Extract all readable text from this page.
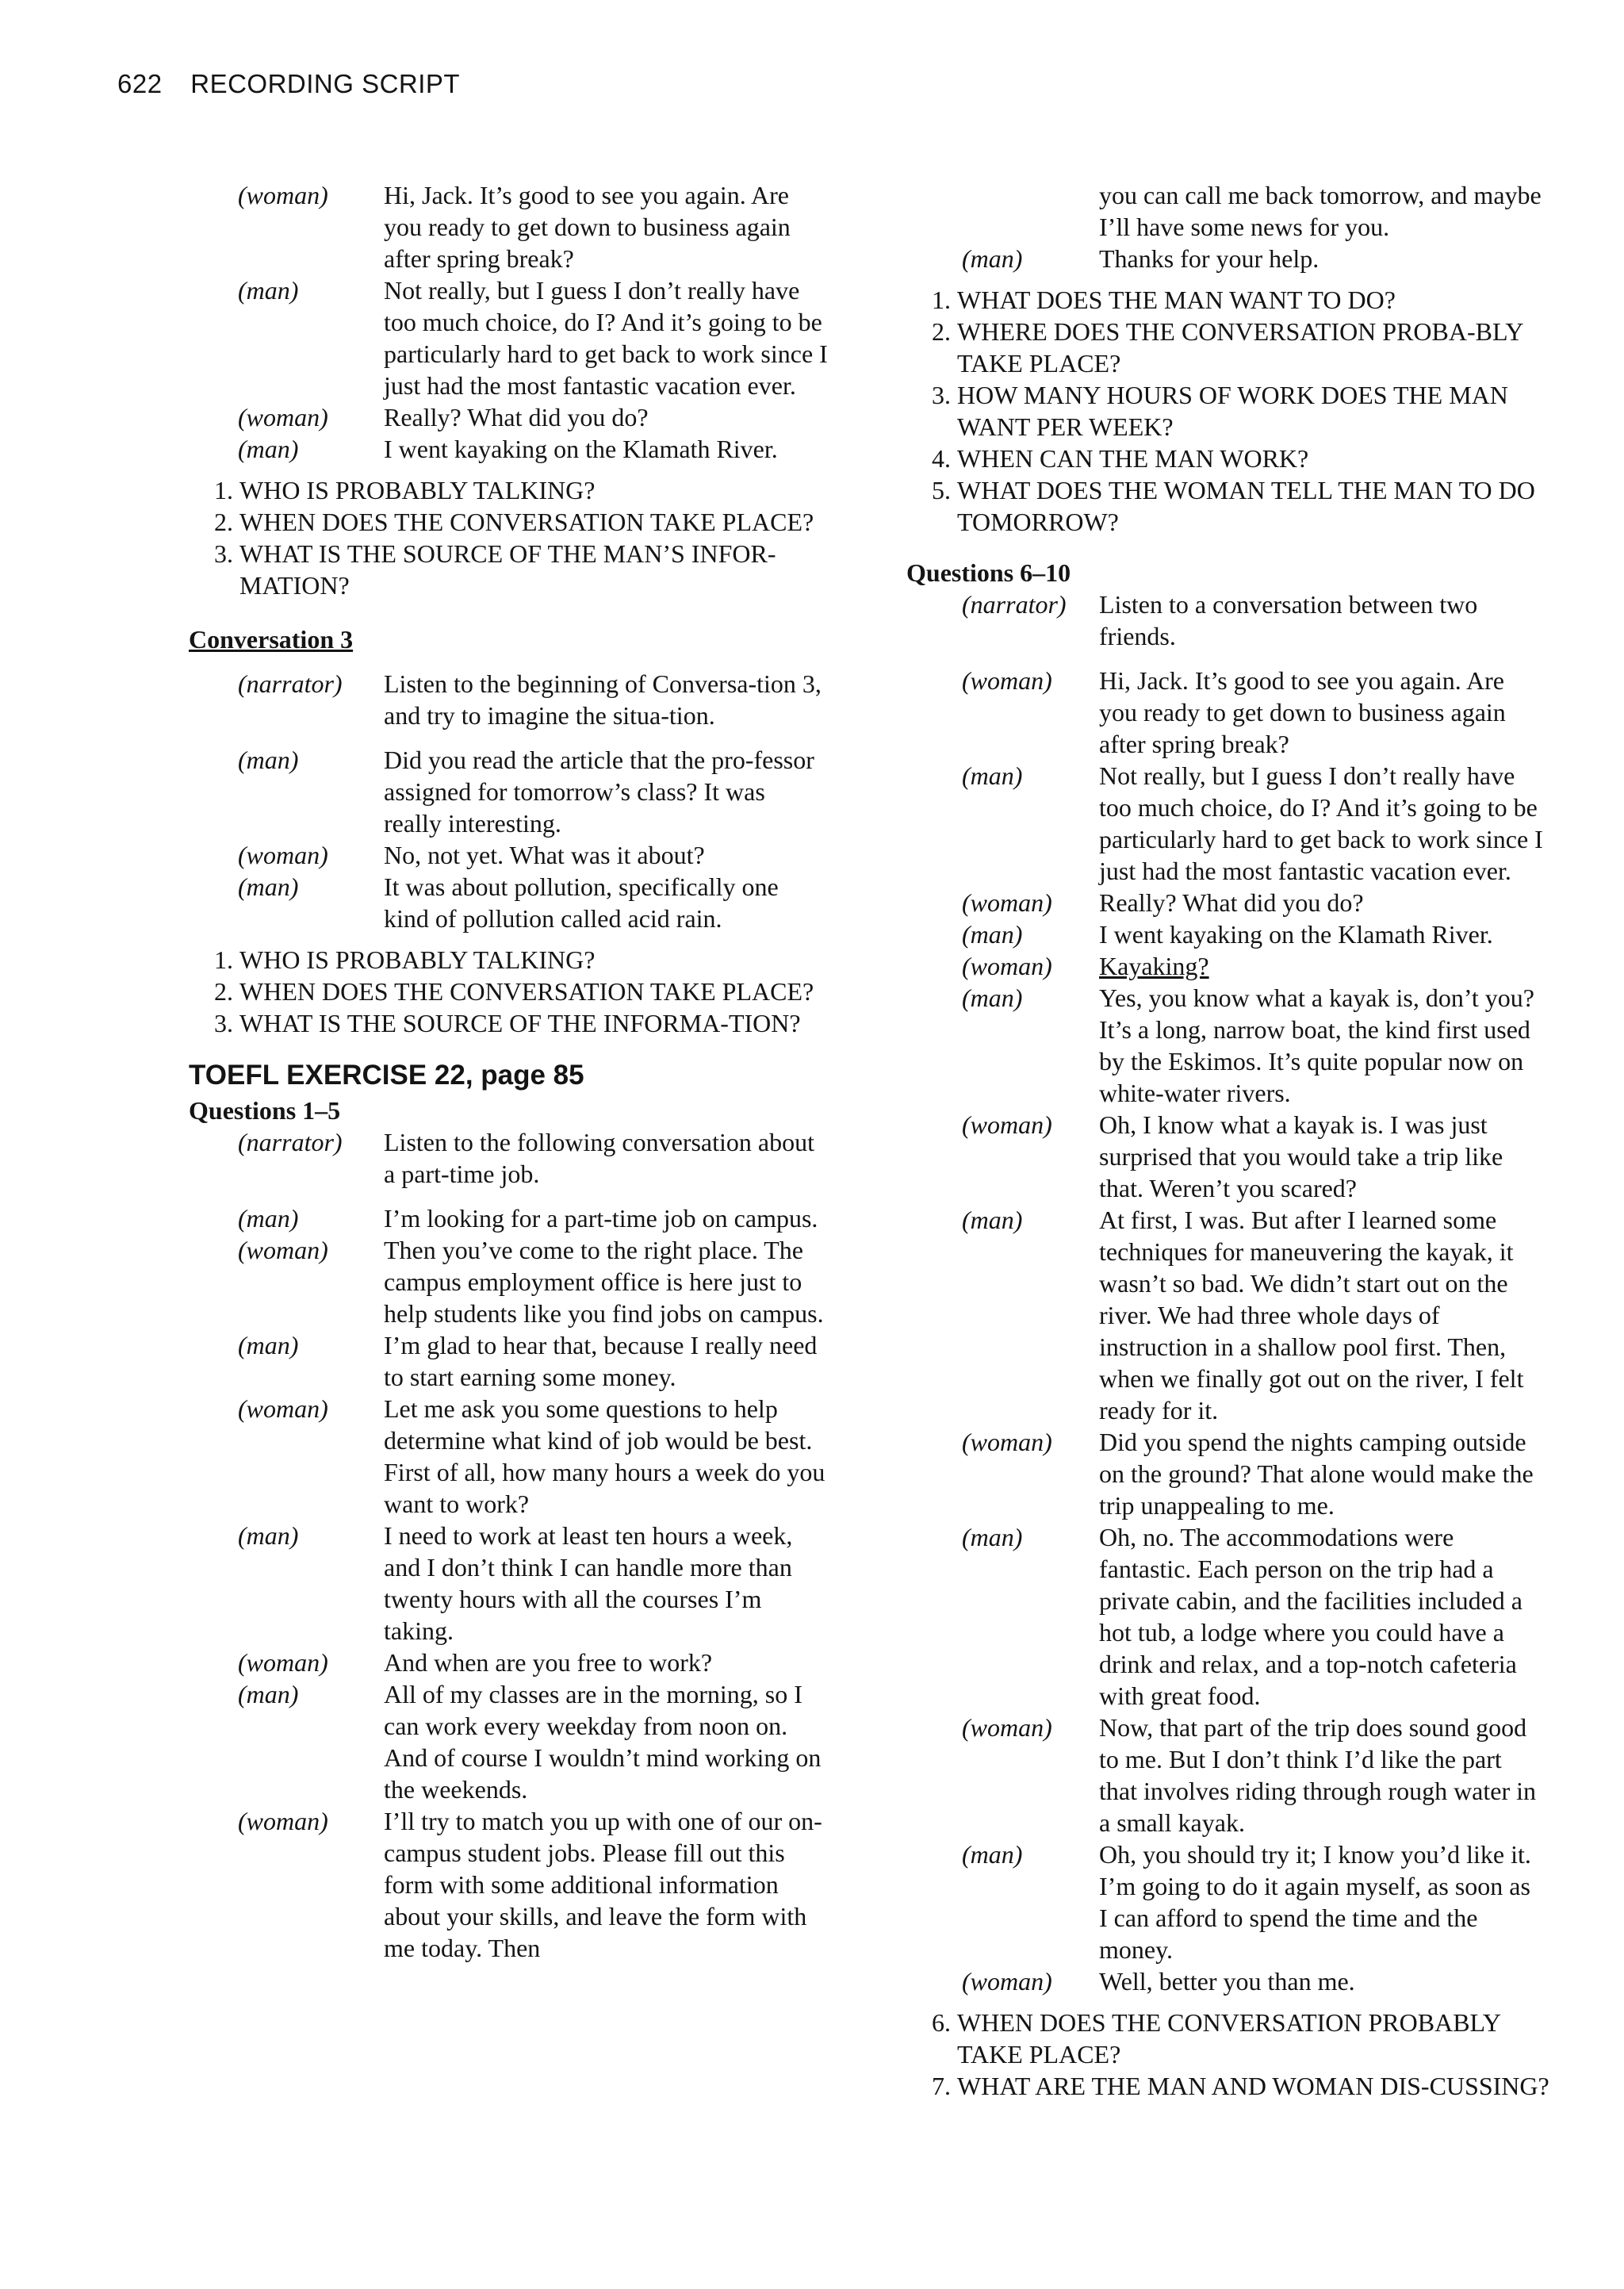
622 RECORDING SCRIPT
(woman)	Hi, Jack. It’s good to see you again. Are you ready to get down to business again after spring break?
(man)	Not really, but I guess I don’t really have too much choice, do I? And it’s going to be particularly hard to get back to work since I just had the most fantastic vacation ever.
(woman)	Really? What did you do?
(man)	I went kayaking on the Klamath River.
1. WHO IS PROBABLY TALKING?
2. WHEN DOES THE CONVERSATION TAKE PLACE?
3. WHAT IS THE SOURCE OF THE MAN’S INFOR-MATION?
Conversation 3
(narrator)	Listen to the beginning of Conversa-tion 3, and try to imagine the situa-tion.
(man)	Did you read the article that the pro-fessor assigned for tomorrow’s class? It was really interesting.
(woman)	No, not yet. What was it about?
(man)	It was about pollution, specifically one kind of pollution called acid rain.
1. WHO IS PROBABLY TALKING?
2. WHEN DOES THE CONVERSATION TAKE PLACE?
3. WHAT IS THE SOURCE OF THE INFORMA-TION?
TOEFL EXERCISE 22, page 85
Questions 1–5
(narrator)	Listen to the following conversation about a part-time job.
(man)	I’m looking for a part-time job on campus.
(woman)	Then you’ve come to the right place. The campus employment office is here just to help students like you find jobs on campus.
(man)	I’m glad to hear that, because I really need to start earning some money.
(woman)	Let me ask you some questions to help determine what kind of job would be best. First of all, how many hours a week do you want to work?
(man)	I need to work at least ten hours a week, and I don’t think I can handle more than twenty hours with all the courses I’m taking.
(woman)	And when are you free to work?
(man)	All of my classes are in the morning, so I can work every weekday from noon on. And of course I wouldn’t mind working on the weekends.
(woman)	I’ll try to match you up with one of our on-campus student jobs. Please fill out this form with some additional information about your skills, and leave the form with me today. Then
you can call me back tomorrow, and maybe I’ll have some news for you.
(man)	Thanks for your help.
1. WHAT DOES THE MAN WANT TO DO?
2. WHERE DOES THE CONVERSATION PROBA-BLY TAKE PLACE?
3. HOW MANY HOURS OF WORK DOES THE MAN WANT PER WEEK?
4. WHEN CAN THE MAN WORK?
5. WHAT DOES THE WOMAN TELL THE MAN TO DO TOMORROW?
Questions 6–10
(narrator)	Listen to a conversation between two friends.
(woman)	Hi, Jack. It’s good to see you again. Are you ready to get down to business again after spring break?
(man)	Not really, but I guess I don’t really have too much choice, do I? And it’s going to be particularly hard to get back to work since I just had the most fantastic vacation ever.
(woman)	Really? What did you do?
(man)	I went kayaking on the Klamath River.
(woman)	Kayaking?
(man)	Yes, you know what a kayak is, don’t you? It’s a long, narrow boat, the kind first used by the Eskimos. It’s quite popular now on white-water rivers.
(woman)	Oh, I know what a kayak is. I was just surprised that you would take a trip like that. Weren’t you scared?
(man)	At first, I was. But after I learned some techniques for maneuvering the kayak, it wasn’t so bad. We didn’t start out on the river. We had three whole days of instruction in a shallow pool first. Then, when we finally got out on the river, I felt ready for it.
(woman)	Did you spend the nights camping outside on the ground? That alone would make the trip unappealing to me.
(man)	Oh, no. The accommodations were fantastic. Each person on the trip had a private cabin, and the facilities included a hot tub, a lodge where you could have a drink and relax, and a top-notch cafeteria with great food.
(woman)	Now, that part of the trip does sound good to me. But I don’t think I’d like the part that involves riding through rough water in a small kayak.
(man)	Oh, you should try it; I know you’d like it. I’m going to do it again myself, as soon as I can afford to spend the time and the money.
(woman)	Well, better you than me.
6. WHEN DOES THE CONVERSATION PROBABLY TAKE PLACE?
7. WHAT ARE THE MAN AND WOMAN DIS-CUSSING?
